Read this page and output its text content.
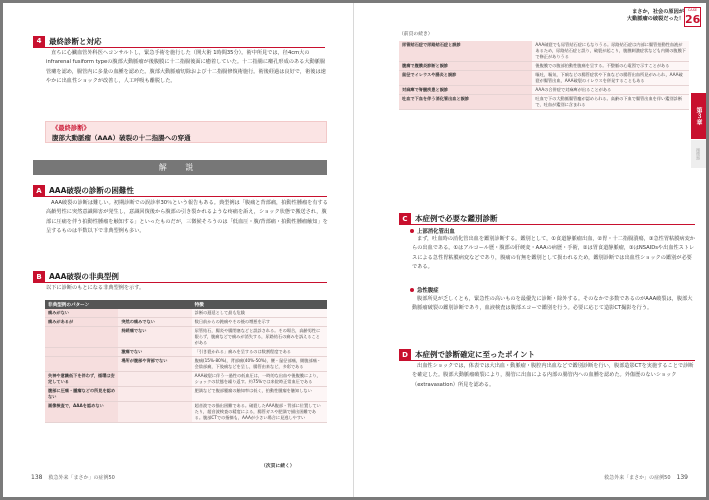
4	最終診断と対応

直ちに心臓血管外科医へコンサルトし，緊急手術を施行した（開大術 1時間35分）。術中所見では，径4cm大のinfrarenal fusiform typeの腹部大動脈瘤が後腹膜に十二指腸後面に癒着していた。十二指腸に瘻孔形成のある大動脈腸管瘻を認め，腸管内に多量の血腫を認めた。腹部大動脈瘤切除および十二指腸修復術施行。術後経過は良好で，術後は速やかに出血性ショックが改善し，人工呼吸も離脱した。

《最終診断》
腹部大動脈瘤（AAA）破裂の十二指腸への穿通
解 説
A AAA破裂の診断の困難性

AAA破裂の診断は難しい。初期診断での誤診率30％という報告もある。典型例は「腹痛と背部痛，拍動性腫瘤を有する高齢男性に突然意識障害が発生し，意識回復後から腹部の引き裂かれるような疼痛を訴え，ショック状態で搬送され，腹部に圧痛を伴う拍動性腫瘤を触知する」といったものだが，三徴候そろうのは「低血圧・腹/背部痛・拍動性腫瘤触知」を呈するものは半数以下で非典型例も多い。

B AAA破裂の非典型例

以下に診断のもとになる非典型例を示す。

非典型例のパターン		特徴
痛みがない		診断の遅延として最も危険
痛みがあるが	突然の痛みでない	数日前からの鈍痛やその後の増悪を示す
	持続痛でない	尿管結石，腸炎や腸閉塞などと誤診される。その場合，高齢男性に限らず，腹痛などで痛みが消失する，尿路結石の痛みを訴えることがある
	激痛でない	「引き裂かれる」痛みを呈するのは数割程度である
	場所が腹部や背部でない	腹痛(15%-80%)，背部痛(40%-50%)，腰・鼠径部痛，側腹部痛・会陰部痛，下肢痛などを呈し，腸管由来など，多彩である
失神や意識低下を伴わず，循環は安定している		AAA破裂に伴う一過性の低血圧は，一時的な出血や後腹膜により，ショックの状態を繰り返す。約75%では来院時正常血圧である
腹部に圧痛・腫瘤などの所見を認めない		肥満などで腹部腫瘤の触知率は低く，拍動性腫瘤を触知しない
画像検査で，AAAを認めない		超音波での描出困難である。破裂したAAA腹部・背部に位置していたり，超音波検査の精度による，腸管ガスや肥満で描出困難である。腹部CTでの指摘も，AAAが小さい場合に見逃しやすい
（次頁に続く）
138 救急外来「まさか」の症例50
まさか，社会の原因が
大動脈瘤の破裂だった！
CASE
26
第３章
循環器
（前頁の続き）
尿管結石症で尿路結石症と誤診	AAA破裂でも尿管結石症にもなりうる。尿路結石症は内部に腸管拍動性血液があるため，尿路結石症と誤り，破裂が起こり，腹膜刺激症状なども内側の腹膜下で修正がありうる
腹痛で腹膜炎診断と誤診	後腹膜での腹部拍動性腹痛を呈する。不整脈の心電図で示すことがある
鼠径でイレウスや腸炎と誤診	嘔吐，嘔気，下痢などの腸管症状や下血などの腸管出血所見がみられ，AAA破裂が腸管出血，AAA破裂のイレウスを併発することもある
対麻痺で脊髄疾患と誤診	AAAの合併症で対麻痺が出ることがある
吐血で下血を伴う消化管出血と誤診	吐血で下の大動脈腸管瘻が認められる。高齢の下血で腸管出血を伴い鑑別診断で，吐血が鑑別に含まれる
C 本症例で必要な鑑別診断
上部消化管出血

まず，吐血時の消化管出血を鑑別診断する。鑑別として，①食道静脈瘤出血，②胃・十二指腸潰瘍，③急性胃粘膜病変からの出血である。①はアルコール歴・腹部の肝硬変・AAAの病歴・手術，②は胃食道静脈瘤，③はNSAIDsや出血性ストレスによる急性胃粘膜病変などであり，腹痛の有無を鑑別として扱われるため，鑑別診断では出血性ショックの鑑別が必要である。

急性腹症

腹部所見が乏しくとも，緊急性の高いものを最優先に診断・除外する。そのなかで多数であるのがAAA破裂は，腹部大動脈瘤破裂の鑑別診断であり，血液検査は腹部エコーで鑑別を行う。必要に応じて造影CT撮影を行う。

D 本症例で診断確定に至ったポイント

出血性ショックでは，体表では大出血・動脈瘤・腹腔内出血などで鑑別診断を行い，腹部造影CTを実施することで診断を確定した。腹部大動脈瘤破裂により，腸管に出血による内部の腸管内への血腫を認めた。外傷歴のないショック（extravasation）所見を認める。

救急外来「まさか」の症例50 139
